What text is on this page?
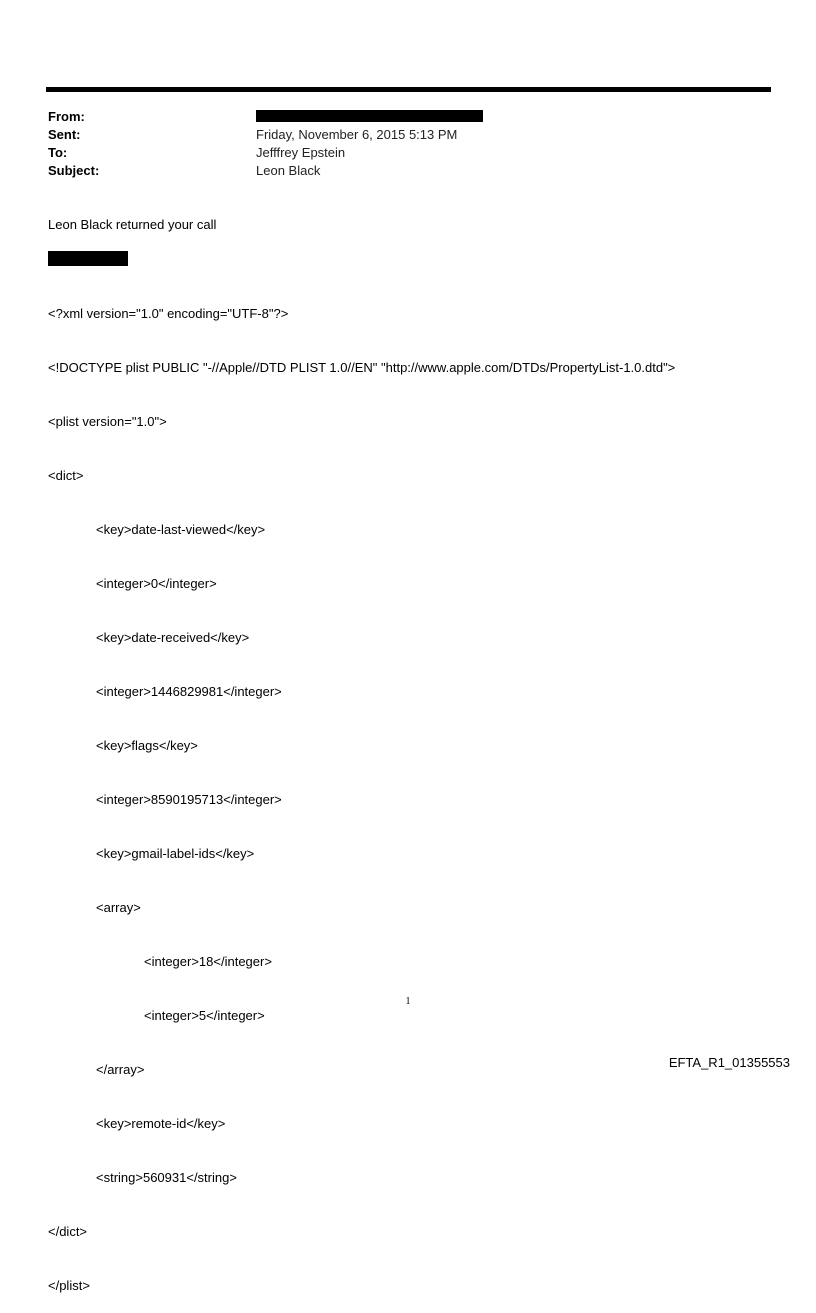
From:
Sent:	Friday, November 6, 2015 5:13 PM
To:	Jefffrey Epstein
Subject:	Leon Black
Leon Black returned your call

<?xml version="1.0" encoding="UTF-8"?>

<!DOCTYPE plist PUBLIC "-//Apple//DTD PLIST 1.0//EN" "http://www.apple.com/DTDs/PropertyList-1.0.dtd">

<plist version="1.0">

<dict>

<key>date-last-viewed</key>

<integer>0</integer>

<key>date-received</key>

<integer>1446829981</integer>

<key>flags</key>

<integer>8590195713</integer>

<key>gmail-label-ids</key>

<array>

<integer>18</integer>

<integer>5</integer>

</array>

<key>remote-id</key>

<string>560931</string>

</dict>

</plist>

1
EFTA_R1_01355553
